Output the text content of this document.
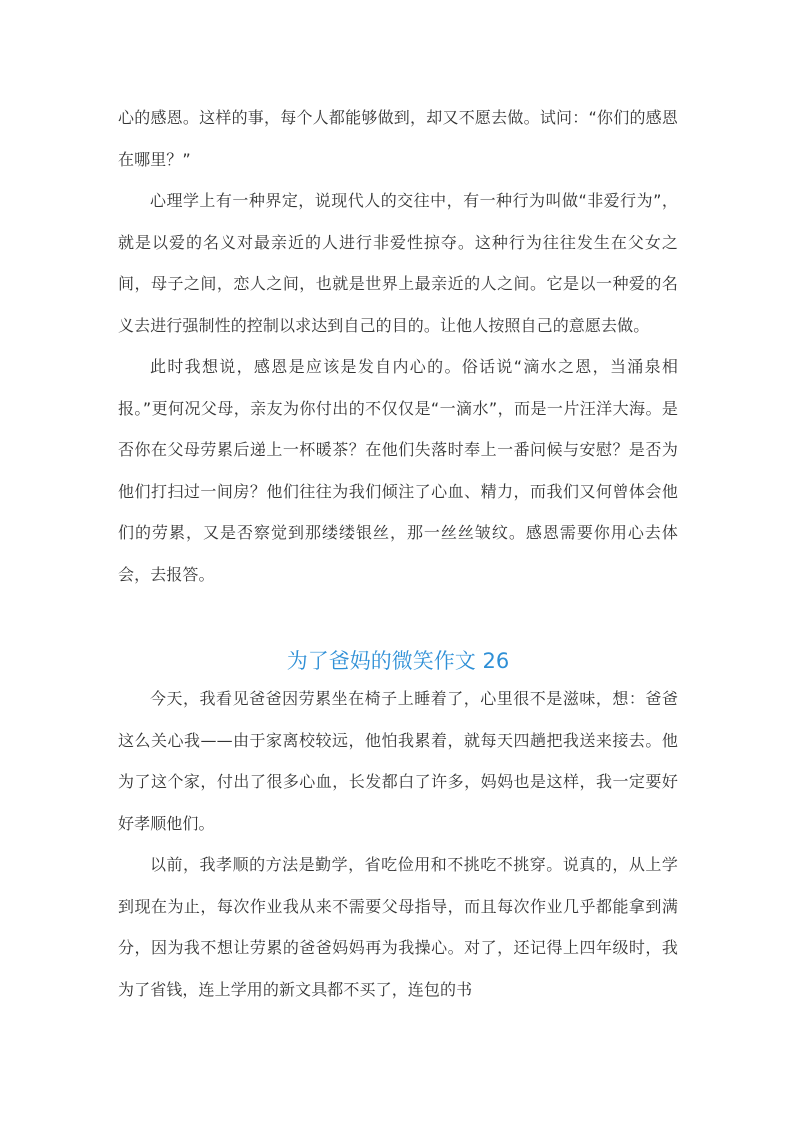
心的感恩。这样的事，每个人都能够做到，却又不愿去做。试问：“你们的感恩在哪里？”

心理学上有一种界定，说现代人的交往中，有一种行为叫做“非爱行为”，就是以爱的名义对最亲近的人进行非爱性掠夺。这种行为往往发生在父女之间，母子之间，恋人之间，也就是世界上最亲近的人之间。它是以一种爱的名义去进行强制性的控制以求达到自己的目的。让他人按照自己的意愿去做。

此时我想说，感恩是应该是发自内心的。俗话说“滴水之恩，当涌泉相报。”更何况父母，亲友为你付出的不仅仅是“一滴水”，而是一片汪洋大海。是否你在父母劳累后递上一杯暖茶？在他们失落时奉上一番问候与安慰？是否为他们打扫过一间房？他们往往为我们倾注了心血、精力，而我们又何曾体会他们的劳累，又是否察觉到那缕缕银丝，那一丝丝皱纹。感恩需要你用心去体会，去报答。

为了爸妈的微笑作文 26

今天，我看见爸爸因劳累坐在椅子上睡着了，心里很不是滋味，想：爸爸这么关心我——由于家离校较远，他怕我累着，就每天四趟把我送来接去。他为了这个家，付出了很多心血，长发都白了许多，妈妈也是这样，我一定要好好孝顺他们。

以前，我孝顺的方法是勤学，省吃俭用和不挑吃不挑穿。说真的，从上学到现在为止，每次作业我从来不需要父母指导，而且每次作业几乎都能拿到满分，因为我不想让劳累的爸爸妈妈再为我操心。对了，还记得上四年级时，我为了省钱，连上学用的新文具都不买了，连包的书
